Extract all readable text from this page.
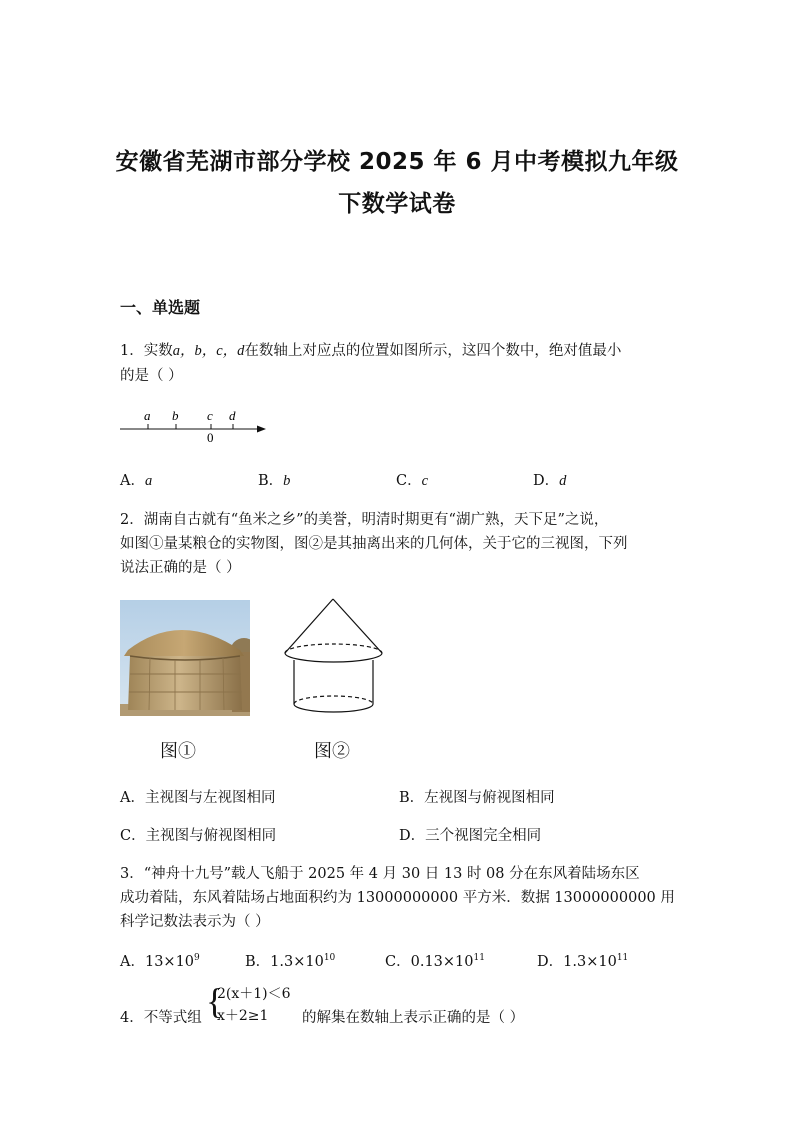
安徽省芜湖市部分学校 2025 年 6 月中考模拟九年级
下数学试卷
一、单选题
1．实数a，b，c，d在数轴上对应点的位置如图所示，这四个数中，绝对值最小
的是（ ）
a b c d
0
A．a	B．b	C．c	D．d
2．湖南自古就有“鱼米之乡”的美誉，明清时期更有“湖广熟，天下足”之说，
如图①量某粮仓的实物图，图②是其抽离出来的几何体，关于它的三视图，下列
说法正确的是（ ）
图①	图②
A．主视图与左视图相同	B．左视图与俯视图相同
C．主视图与俯视图相同	D．三个视图完全相同
3．“神舟十九号”载人飞船于 2025 年 4 月 30 日 13 时 08 分在东风着陆场东区
成功着陆，东风着陆场占地面积约为 13000000000 平方米．数据 13000000000 用
科学记数法表示为（ ）
A．$13\times 10^9$	B．$1.3\times 10^{10}$	C．$0.13\times 10^{11}$	D．$1.3\times 10^{11}$
4．不等式组 {
2(x＋1)＜6
x＋2≥1 的解集在数轴上表示正确的是（ ）
